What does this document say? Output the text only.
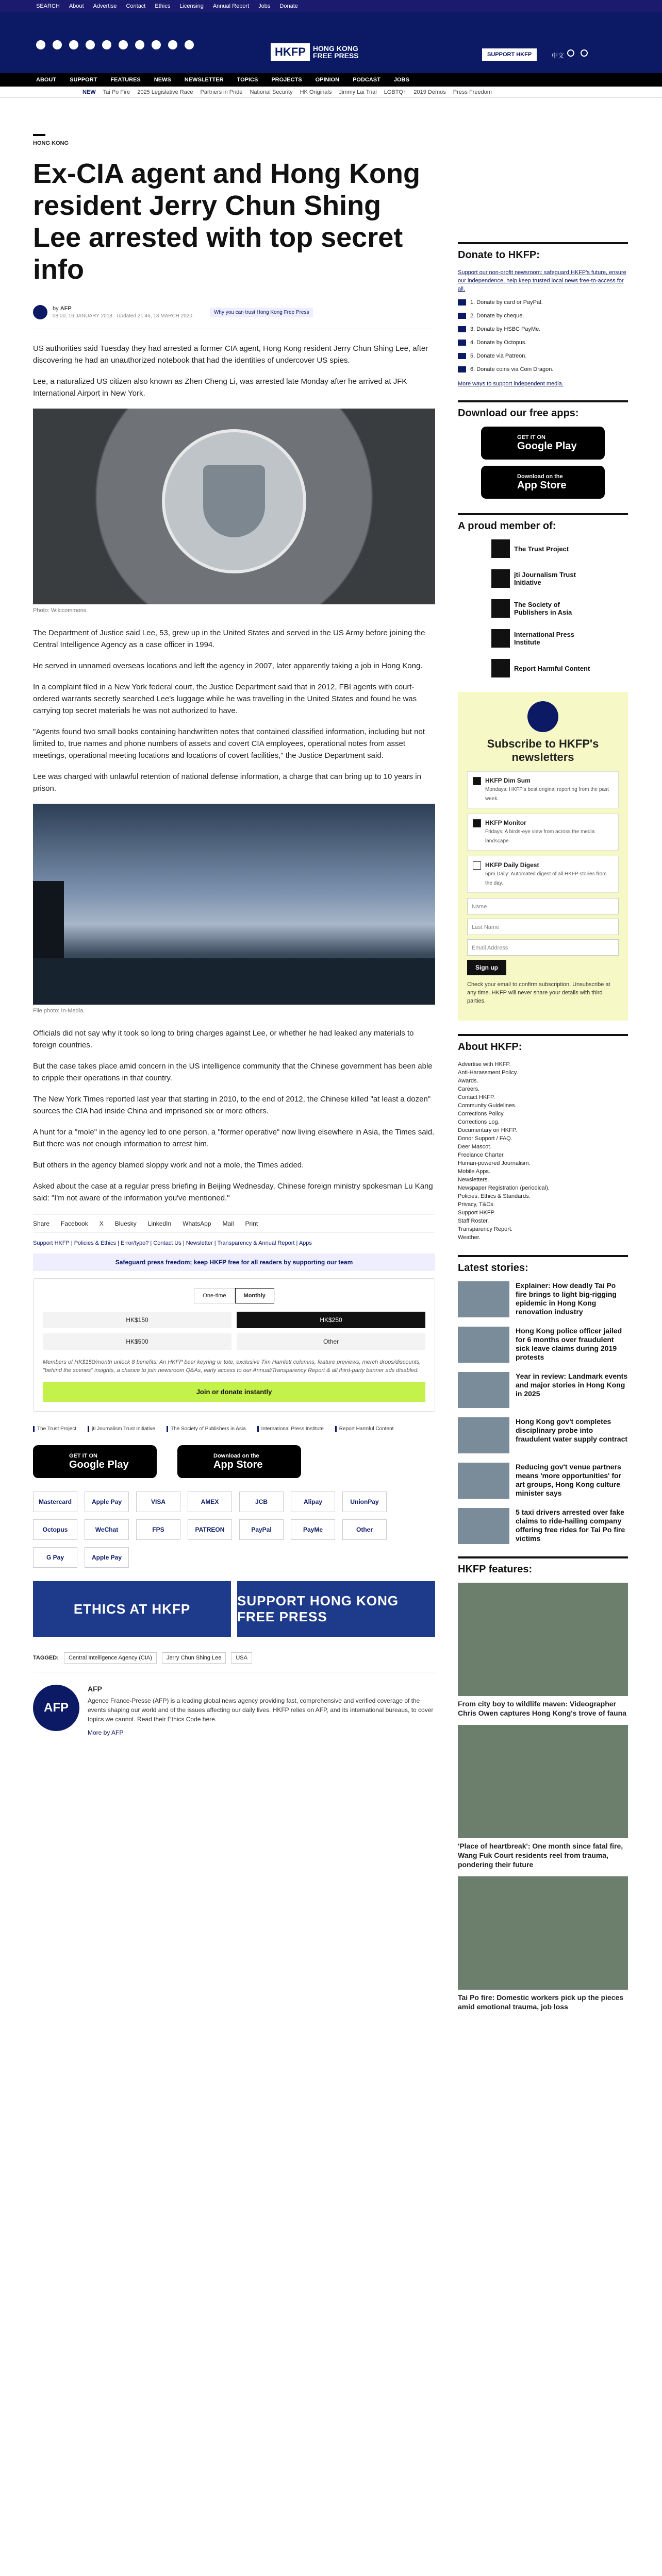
SEARCH About Advertise Contact Ethics Licensing Annual Report Jobs Donate
HKFP	HONG KONG FREE PRESS	SUPPORT HKFP	中文
ABOUT SUPPORT FEATURES NEWS NEWSLETTER TOPICS PROJECTS OPINION PODCAST JOBS
NEW Tai Po Fire 2025 Legislative Race Partners in Pride National Security HK Originals Jimmy Lai Trial LGBTQ+ 2019 Demos Press Freedom
HONG KONG
Ex-CIA agent and Hong Kong resident Jerry Chun Shing Lee arrested with top secret info
by AFP
08:00, 16 JANUARY 2018 Updated 21:46, 13 MARCH 2020
Why you can trust Hong Kong Free Press

US authorities said Tuesday they had arrested a former CIA agent, Hong Kong resident Jerry Chun Shing Lee, after discovering he had an unauthorized notebook that had the identities of undercover US spies.

Lee, a naturalized US citizen also known as Zhen Cheng Li, was arrested late Monday after he arrived at JFK International Airport in New York.

Photo: Wikicommons.

The Department of Justice said Lee, 53, grew up in the United States and served in the US Army before joining the Central Intelligence Agency as a case officer in 1994.

He served in unnamed overseas locations and left the agency in 2007, later apparently taking a job in Hong Kong.

In a complaint filed in a New York federal court, the Justice Department said that in 2012, FBI agents with court-ordered warrants secretly searched Lee's luggage while he was travelling in the United States and found he was carrying top secret materials he was not authorized to have.

"Agents found two small books containing handwritten notes that contained classified information, including but not limited to, true names and phone numbers of assets and covert CIA employees, operational notes from asset meetings, operational meeting locations and locations of covert facilities," the Justice Department said.

Lee was charged with unlawful retention of national defense information, a charge that can bring up to 10 years in prison.

File photo: In-Media.

Officials did not say why it took so long to bring charges against Lee, or whether he had leaked any materials to foreign countries.

But the case takes place amid concern in the US intelligence community that the Chinese government has been able to cripple their operations in that country.

The New York Times reported last year that starting in 2010, to the end of 2012, the Chinese killed "at least a dozen" sources the CIA had inside China and imprisoned six or more others.

A hunt for a "mole" in the agency led to one person, a "former operative" now living elsewhere in Asia, the Times said. But there was not enough information to arrest him.

But others in the agency blamed sloppy work and not a mole, the Times added.

Asked about the case at a regular press briefing in Beijing Wednesday, Chinese foreign ministry spokesman Lu Kang said: "I'm not aware of the information you've mentioned."

Share Facebook X Bluesky LinkedIn WhatsApp Mail Print
Support HKFP | Policies & Ethics | Error/typo? | Contact Us | Newsletter | Transparency & Annual Report | Apps
Safeguard press freedom; keep HKFP free for all readers by supporting our team
One-time	Monthly
HK$150	HK$250
HK$500	Other
Members of HK$150/month unlock 8 benefits: An HKFP beer keyring or tote, exclusive Tim Hamlett columns, feature previews, merch drops/discounts, "behind the scenes" insights, a chance to join newsroom Q&As, early access to our Annual/Transparency Report & all third-party banner ads disabled.
Join or donate instantly
The Trust Project	jti Journalism Trust Initiative	The Society of Publishers in Asia	International Press Institute	Report Harmful Content
GET IT ON
Google Play
Download on the
App Store
Mastercard	Apple Pay	VISA	AMEX	JCB	Alipay	UnionPay
Octopus	WeChat	FPS	PATREON	PayPal	PayMe	Other
G Pay	Apple Pay
ETHICS AT HKFP
SUPPORT HONG KONG FREE PRESS
TAGGED:	Central Intelligence Agency (CIA)	Jerry Chun Shing Lee	USA
AFP
AFP

Agence France-Presse (AFP) is a leading global news agency providing fast, comprehensive and verified coverage of the events shaping our world and of the issues affecting our daily lives. HKFP relies on AFP, and its international bureaus, to cover topics we cannot. Read their Ethics Code here.

More by AFP

Donate to HKFP:
Support our non-profit newsroom: safeguard HKFP's future, ensure our independence, help keep trusted local news free-to-access for all.
1. Donate by card or PayPal.
2. Donate by cheque.
3. Donate by HSBC PayMe.
4. Donate by Octopus.
5. Donate via Patreon.
6. Donate coins via Coin Dragon.
More ways to support independent media.
Download our free apps:
GET IT ON
Google Play
Download on the
App Store
A proud member of:
The Trust Project
jti Journalism Trust Initiative
The Society of Publishers in Asia
International Press Institute
Report Harmful Content
Subscribe to HKFP's newsletters
HKFP Dim Sum
Mondays: HKFP's best original reporting from the past week.
HKFP Monitor
Fridays: A birds-eye view from across the media landscape.
HKFP Daily Digest
5pm Daily: Automated digest of all HKFP stories from the day.
Name
Last Name
Email Address
Sign up
Check your email to confirm subscription. Unsubscribe at any time. HKFP will never share your details with third parties.
About HKFP:
Advertise with HKFP.
Anti-Harassment Policy.
Awards.
Careers.
Contact HKFP.
Community Guidelines.
Corrections Policy.
Corrections Log.
Documentary on HKFP.
Donor Support / FAQ.
Deer Mascot.
Freelance Charter.
Human-powered Journalism.
Mobile Apps.
Newsletters.
Newspaper Registration (periodical).
Policies, Ethics & Standards.
Privacy, T&Cs.
Support HKFP.
Staff Roster.
Transparency Report.
Weather.
Latest stories:

Explainer: How deadly Tai Po fire brings to light big-rigging epidemic in Hong Kong renovation industry

Hong Kong police officer jailed for 6 months over fraudulent sick leave claims during 2019 protests

Year in review: Landmark events and major stories in Hong Kong in 2025

Hong Kong gov't completes disciplinary probe into fraudulent water supply contract

Reducing gov't venue partners means 'more opportunities' for art groups, Hong Kong culture minister says

5 taxi drivers arrested over fake claims to ride-hailing company offering free rides for Tai Po fire victims

HKFP features:

From city boy to wildlife maven: Videographer Chris Owen captures Hong Kong's trove of fauna

'Place of heartbreak': One month since fatal fire, Wang Fuk Court residents reel from trauma, pondering their future

Tai Po fire: Domestic workers pick up the pieces amid emotional trauma, job loss
